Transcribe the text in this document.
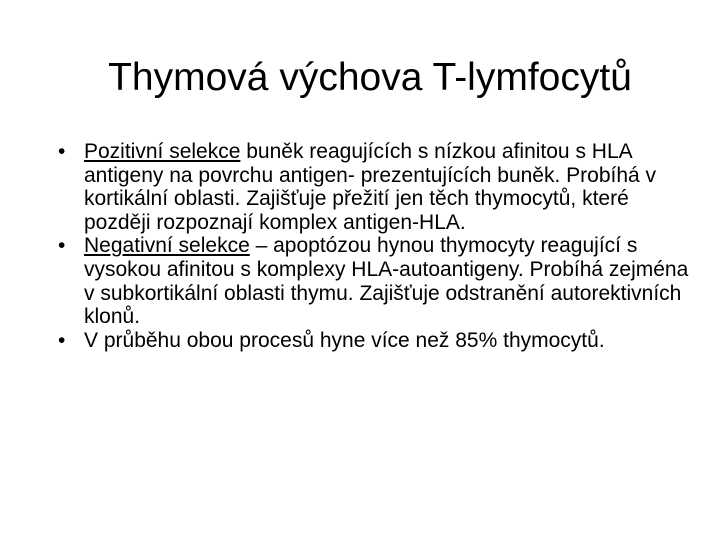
Thymová výchova T-lymfocytů
• Pozitivní selekce buněk reagujících s nízkou afinitou s HLA antigeny na povrchu antigen- prezentujících buněk. Probíhá v kortikální oblasti. Zajišťuje přežití jen těch thymocytů, které později rozpoznají komplex antigen-HLA.
• Negativní selekce – apoptózou hynou thymocyty reagující s vysokou afinitou s komplexy HLA-autoantigeny. Probíhá zejména v subkortikální oblasti thymu. Zajišťuje odstranění autorektivních klonů.
• V průběhu obou procesů hyne více než 85% thymocytů.
